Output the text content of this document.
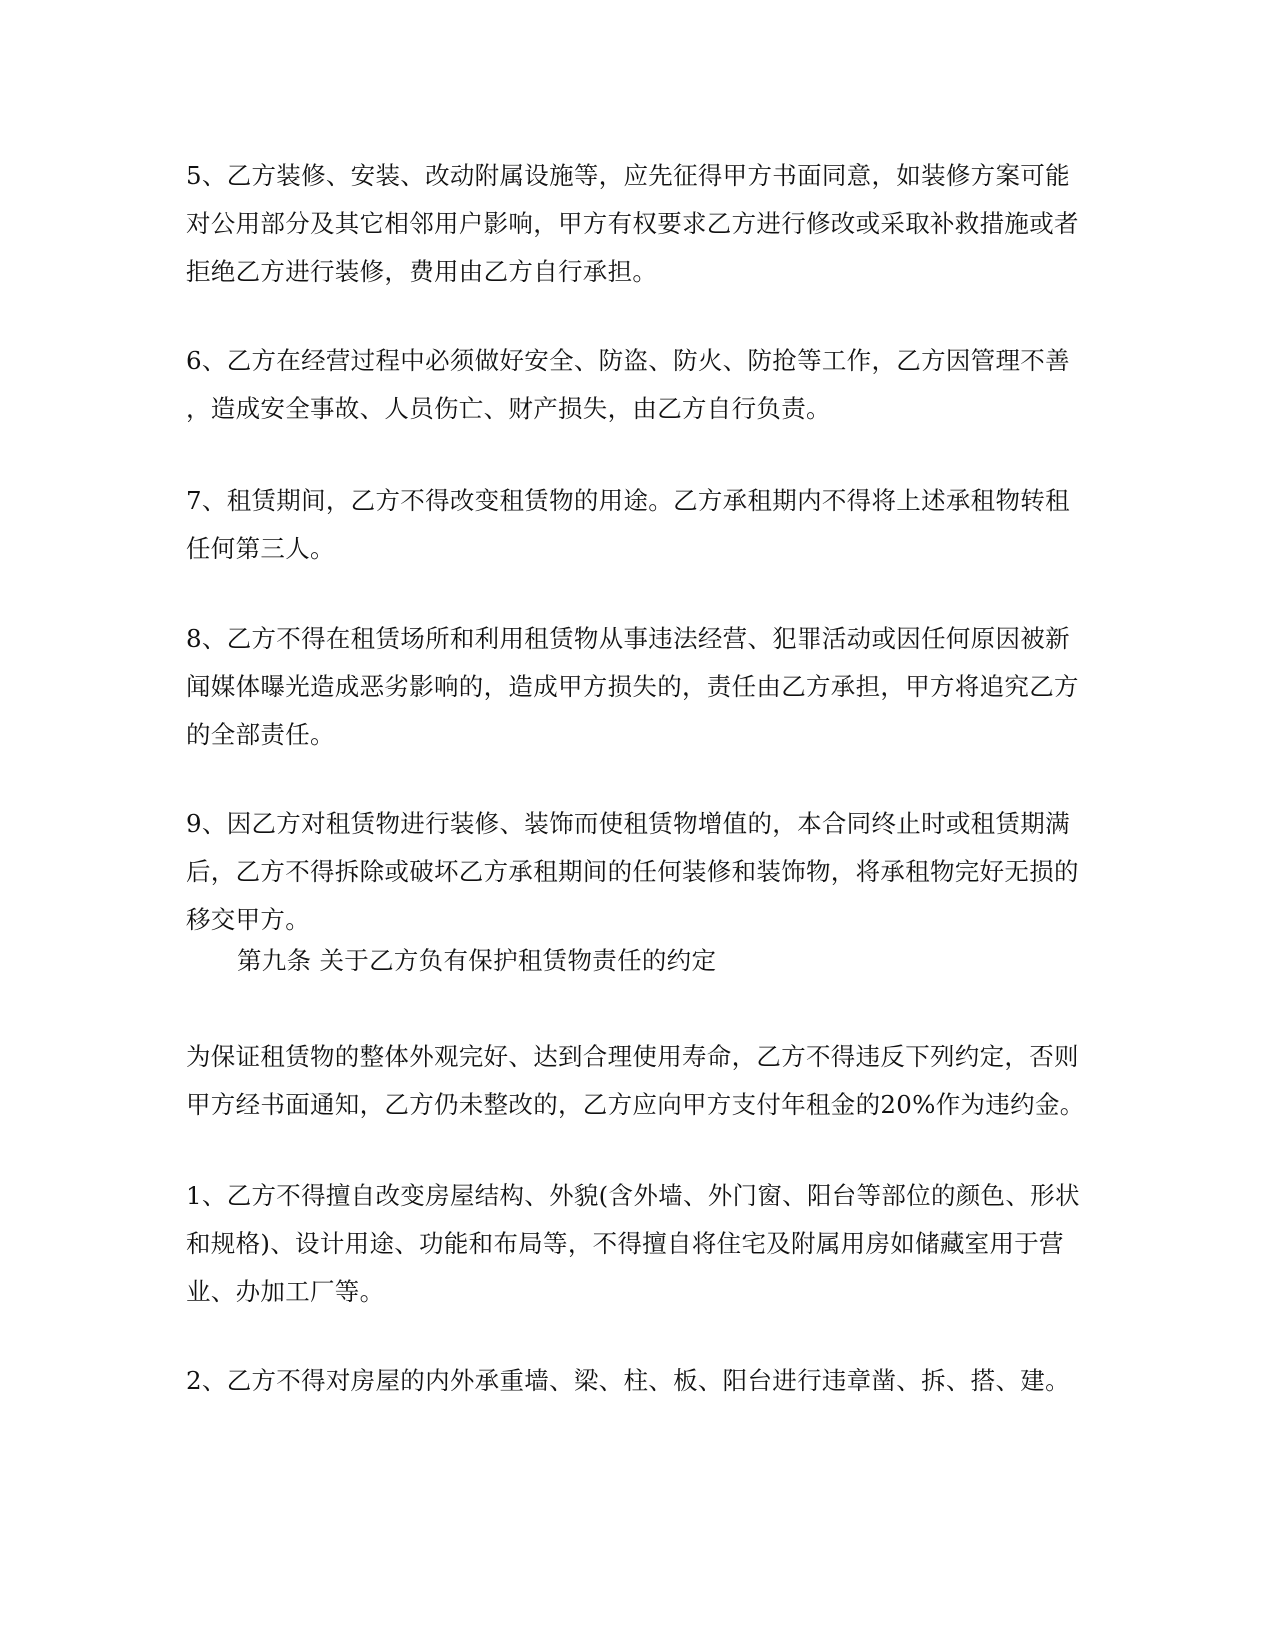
5、乙方装修、安装、改动附属设施等，应先征得甲方书面同意，如装修方案可能
对公用部分及其它相邻用户影响，甲方有权要求乙方进行修改或采取补救措施或者
拒绝乙方进行装修，费用由乙方自行承担。
6、乙方在经营过程中必须做好安全、防盗、防火、防抢等工作，乙方因管理不善
，造成安全事故、人员伤亡、财产损失，由乙方自行负责。
7、租赁期间，乙方不得改变租赁物的用途。乙方承租期内不得将上述承租物转租
任何第三人。
8、乙方不得在租赁场所和利用租赁物从事违法经营、犯罪活动或因任何原因被新
闻媒体曝光造成恶劣影响的，造成甲方损失的，责任由乙方承担，甲方将追究乙方
的全部责任。
9、因乙方对租赁物进行装修、装饰而使租赁物增值的，本合同终止时或租赁期满
后，乙方不得拆除或破坏乙方承租期间的任何装修和装饰物，将承租物完好无损的
移交甲方。
第九条 关于乙方负有保护租赁物责任的约定
为保证租赁物的整体外观完好、达到合理使用寿命，乙方不得违反下列约定，否则
甲方经书面通知，乙方仍未整改的，乙方应向甲方支付年租金的20%作为违约金。
1、乙方不得擅自改变房屋结构、外貌(含外墙、外门窗、阳台等部位的颜色、形状
和规格)、设计用途、功能和布局等，不得擅自将住宅及附属用房如储藏室用于营
业、办加工厂等。
2、乙方不得对房屋的内外承重墙、梁、柱、板、阳台进行违章凿、拆、搭、建。
